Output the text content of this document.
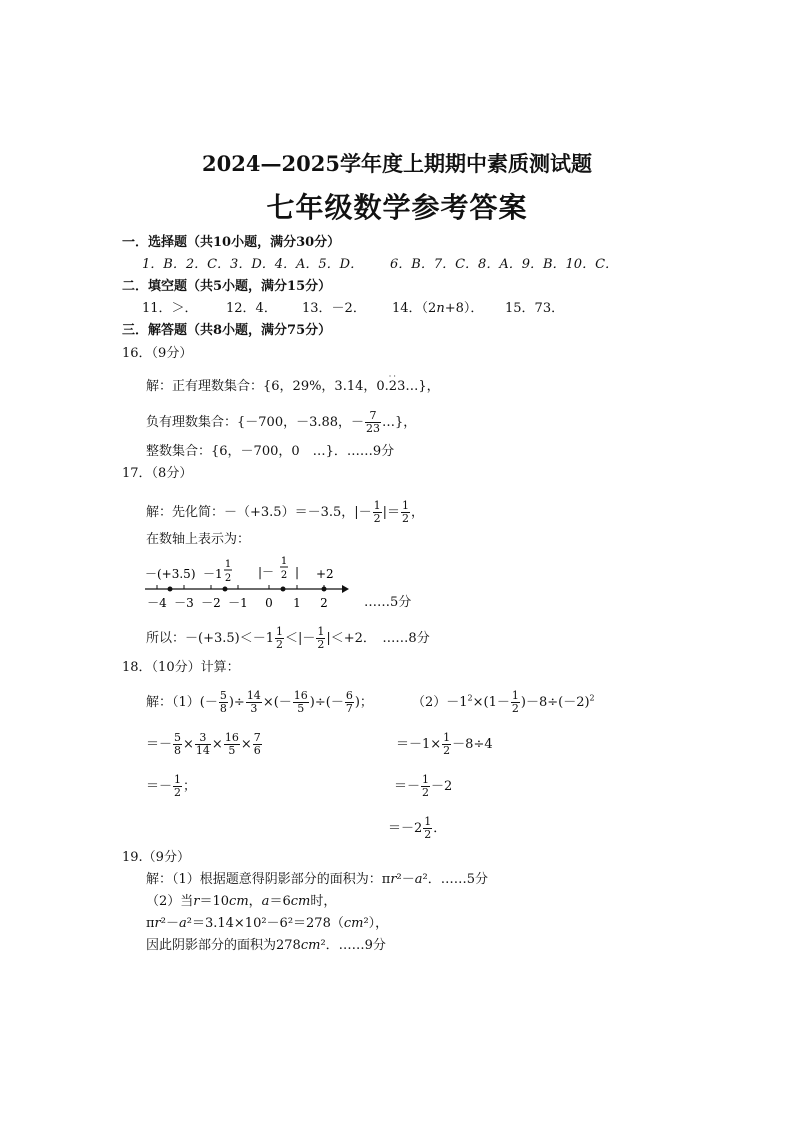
2024—2025学年度上期期中素质测试题
七年级数学参考答案
一．选择题（共10小题，满分30分）
1．B．2．C．3．D．4．A．5．D． 6．B．7．C．8．A．9．B．10．C．
二．填空题（共5小题，满分15分）
11．＞． 12．4． 13．－2． 14．（2n+8）． 15．73．
三．解答题（共8小题，满分75分）
16．（9分）
解：正有理数集合：{6，29%，3.14，0.
··
23…}，
负有理数集合：{－700，－3.88，－ $\frac{7}{23}$ …}，
整数集合：{6，－700，0　…}．……9分
17．（8分）
解：先化简：－（+3.5）＝－3.5，|－ $\frac{1}{2}$ |＝ $\frac{1}{2}$ ，
在数轴上表示为：
－(+3.5) －1
1
2 |－
1
2 | +2
－4 －3 －2 －1 0 1 2	……5分
所以：$-(+3.5)<-1 \frac{1}{2}$ ＜|－ $\frac{1}{2} |<+2$．　……8分
18．（10分）计算：
解：$(1)(- \frac{5}{8}$ )÷ $\frac{14}{3}$ ×(－ $\frac{16}{5}$ )÷(－ $\frac{6}{7}$ )；
＝－ $\frac{5}{8} \times \frac{3}{14} \times \frac{16}{5} \times \frac{7}{6}$
＝－ $\frac{1}{2}$ ；
$(2)-1^2\times(1- \frac{1}{2} )-8\div(-2)^2$
$=-1\times \frac{1}{2} -8\div 4$
＝－ $\frac{1}{2} -2$
$=-2 \frac{1}{2}$ ．
19.（9分）
解：（1）根据题意得阴影部分的面积为：πr²－a²．……5分
（2）当r＝10cm，a＝6cm时，
πr²－a²＝3.14×10²－6²＝278（cm²），
因此阴影部分的面积为278cm²．……9分
